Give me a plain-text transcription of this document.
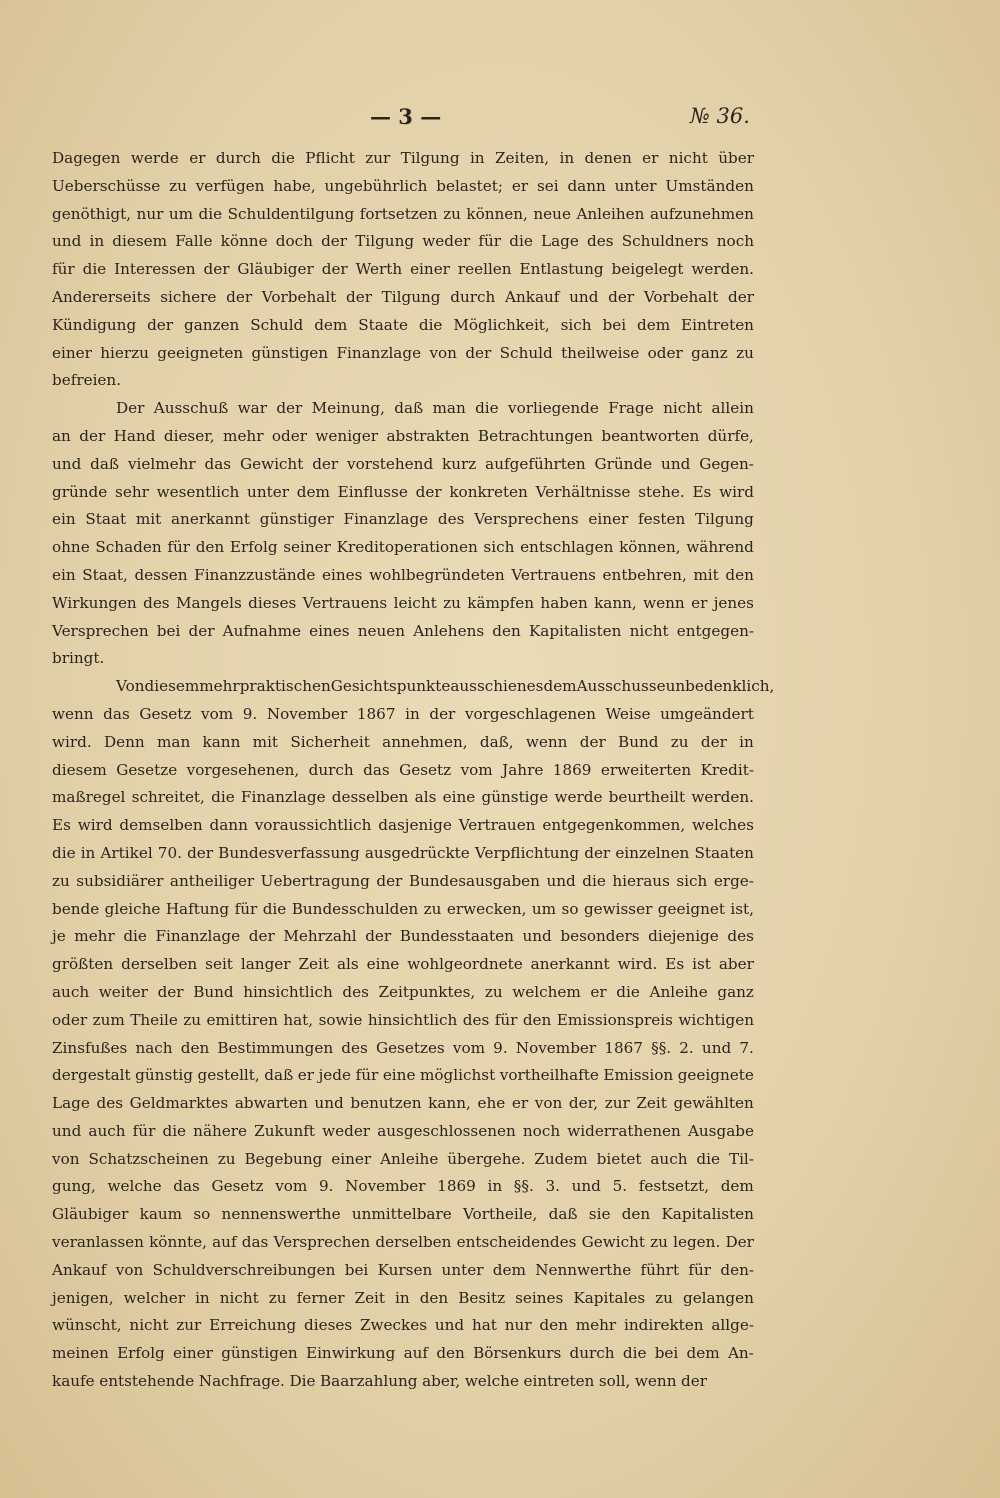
— 3 —	№ 36.
Dagegen werde er durch die Pflicht zur Tilgung in Zeiten, in denen er nicht über
Ueberschüsse zu verfügen habe, ungebührlich belastet; er sei dann unter Umständen
genöthigt, nur um die Schuldentilgung fortsetzen zu können, neue Anleihen aufzunehmen
und in diesem Falle könne doch der Tilgung weder für die Lage des Schuldners noch
für die Interessen der Gläubiger der Werth einer reellen Entlastung beigelegt werden.
Andererseits sichere der Vorbehalt der Tilgung durch Ankauf und der Vorbehalt der
Kündigung der ganzen Schuld dem Staate die Möglichkeit, sich bei dem Eintreten
einer hierzu geeigneten günstigen Finanzlage von der Schuld theilweise oder ganz zu
befreien.
Der Ausschuß war der Meinung, daß man die vorliegende Frage nicht allein
an der Hand dieser, mehr oder weniger abstrakten Betrachtungen beantworten dürfe,
und daß vielmehr das Gewicht der vorstehend kurz aufgeführten Gründe und Gegen-
gründe sehr wesentlich unter dem Einflusse der konkreten Verhältnisse stehe. Es wird
ein Staat mit anerkannt günstiger Finanzlage des Versprechens einer festen Tilgung
ohne Schaden für den Erfolg seiner Kreditoperationen sich entschlagen können, während
ein Staat, dessen Finanzzustände eines wohlbegründeten Vertrauens entbehren, mit den
Wirkungen des Mangels dieses Vertrauens leicht zu kämpfen haben kann, wenn er jenes
Versprechen bei der Aufnahme eines neuen Anlehens den Kapitalisten nicht entgegen-
bringt.
Von diesem mehr praktischen Gesichtspunkte aus schien es dem Ausschusse unbedenklich,
wenn das Gesetz vom 9. November 1867 in der vorgeschlagenen Weise umgeändert
wird. Denn man kann mit Sicherheit annehmen, daß, wenn der Bund zu der in
diesem Gesetze vorgesehenen, durch das Gesetz vom Jahre 1869 erweiterten Kredit-
maßregel schreitet, die Finanzlage desselben als eine günstige werde beurtheilt werden.
Es wird demselben dann voraussichtlich dasjenige Vertrauen entgegenkommen, welches
die in Artikel 70. der Bundesverfassung ausgedrückte Verpflichtung der einzelnen Staaten
zu subsidiärer antheiliger Uebertragung der Bundesausgaben und die hieraus sich erge-
bende gleiche Haftung für die Bundesschulden zu erwecken, um so gewisser geeignet ist,
je mehr die Finanzlage der Mehrzahl der Bundesstaaten und besonders diejenige des
größten derselben seit langer Zeit als eine wohlgeordnete anerkannt wird. Es ist aber
auch weiter der Bund hinsichtlich des Zeitpunktes, zu welchem er die Anleihe ganz
oder zum Theile zu emittiren hat, sowie hinsichtlich des für den Emissionspreis wichtigen
Zinsfußes nach den Bestimmungen des Gesetzes vom 9. November 1867 §§. 2. und 7.
dergestalt günstig gestellt, daß er jede für eine möglichst vortheilhafte Emission geeignete
Lage des Geldmarktes abwarten und benutzen kann, ehe er von der, zur Zeit gewählten
und auch für die nähere Zukunft weder ausgeschlossenen noch widerrathenen Ausgabe
von Schatzscheinen zu Begebung einer Anleihe übergehe. Zudem bietet auch die Til-
gung, welche das Gesetz vom 9. November 1869 in §§. 3. und 5. festsetzt, dem
Gläubiger kaum so nennenswerthe unmittelbare Vortheile, daß sie den Kapitalisten
veranlassen könnte, auf das Versprechen derselben entscheidendes Gewicht zu legen. Der
Ankauf von Schuldverschreibungen bei Kursen unter dem Nennwerthe führt für den-
jenigen, welcher in nicht zu ferner Zeit in den Besitz seines Kapitales zu gelangen
wünscht, nicht zur Erreichung dieses Zweckes und hat nur den mehr indirekten allge-
meinen Erfolg einer günstigen Einwirkung auf den Börsenkurs durch die bei dem An-
kaufe entstehende Nachfrage. Die Baarzahlung aber, welche eintreten soll, wenn der
